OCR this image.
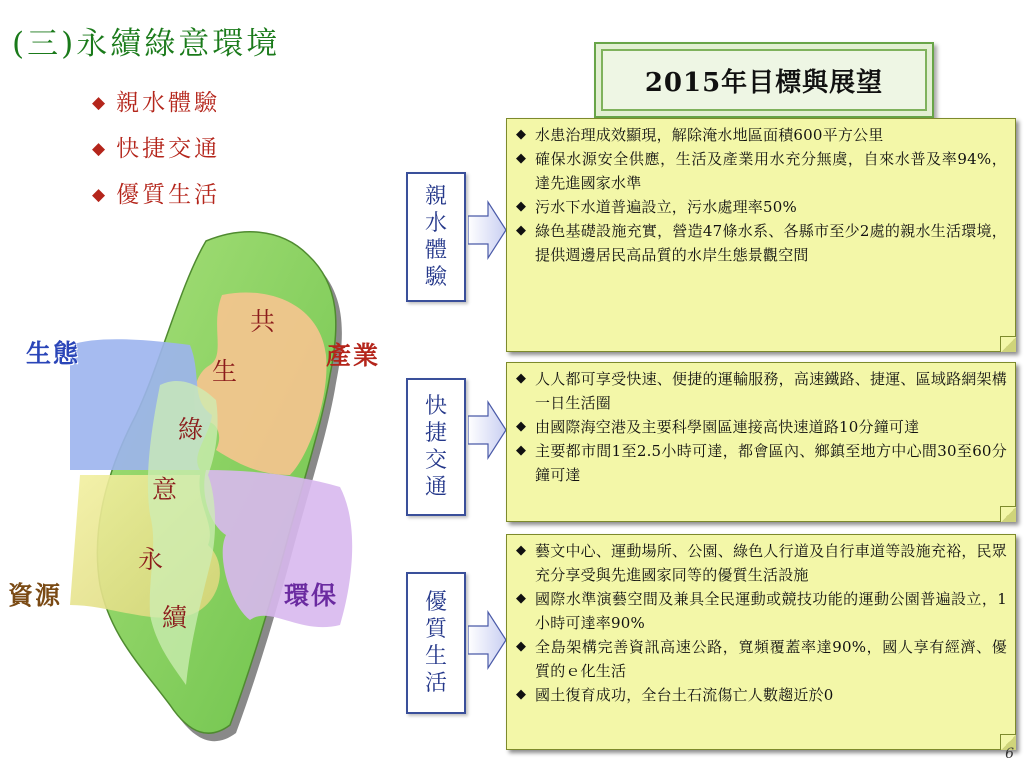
(三)永續綠意環境
◆ 親水體驗
◆ 快捷交通
◆ 優質生活
生態	產業
資源	環保
共
生
綠
意
永
續
2015年目標與展望
親
水
體
驗
◆ 水患治理成效顯現，解除淹水地區面積600平方公里
◆ 確保水源安全供應，生活及產業用水充分無虞，自來水普及率94%，達先進國家水準
◆ 污水下水道普遍設立，污水處理率50%
◆ 綠色基礎設施充實，營造47條水系、各縣市至少2處的親水生活環境，提供週邊居民高品質的水岸生態景觀空間
快
捷
交
通
◆ 人人都可享受快速、便捷的運輸服務，高速鐵路、捷運、區域路網架構一日生活圈
◆ 由國際海空港及主要科學園區連接高快速道路10分鐘可達
◆ 主要都市間1至2.5小時可達，都會區內、鄉鎮至地方中心間30至60分鐘可達
優
質
生
活
◆ 藝文中心、運動場所、公園、綠色人行道及自行車道等設施充裕，民眾充分享受與先進國家同等的優質生活設施
◆ 國際水準演藝空間及兼具全民運動或競技功能的運動公園普遍設立，1小時可達率90%
◆ 全島架構完善資訊高速公路，寬頻覆蓋率達90%，國人享有經濟、優質的ｅ化生活
◆ 國土復育成功，全台土石流傷亡人數趨近於0
6
